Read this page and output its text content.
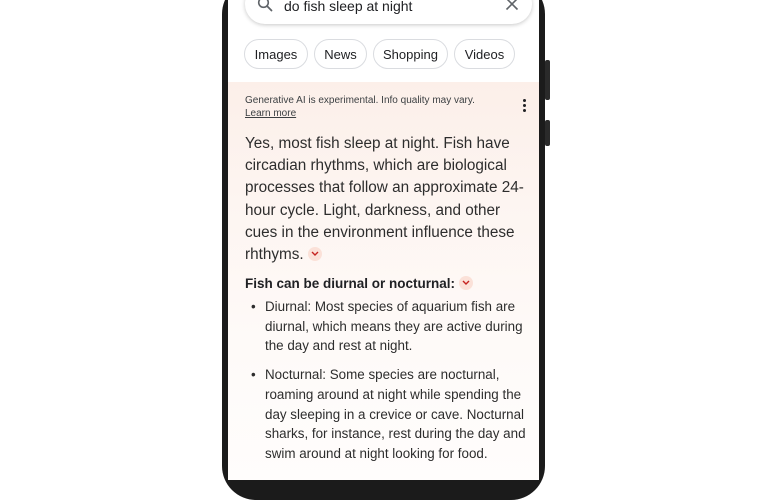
do fish sleep at night
Images	News	Shopping	Videos
Generative AI is experimental. Info quality may vary.
Learn more
Yes, most fish sleep at night. Fish have circadian rhythms, which are biological processes that follow an approximate 24-hour cycle. Light, darkness, and other cues in the environment influence these rhthyms.
Fish can be diurnal or nocturnal:
• Diurnal: Most species of aquarium fish are diurnal, which means they are active during the day and rest at night.
• Nocturnal: Some species are nocturnal, roaming around at night while spending the day sleeping in a crevice or cave. Nocturnal sharks, for instance, rest during the day and swim around at night looking for food.
